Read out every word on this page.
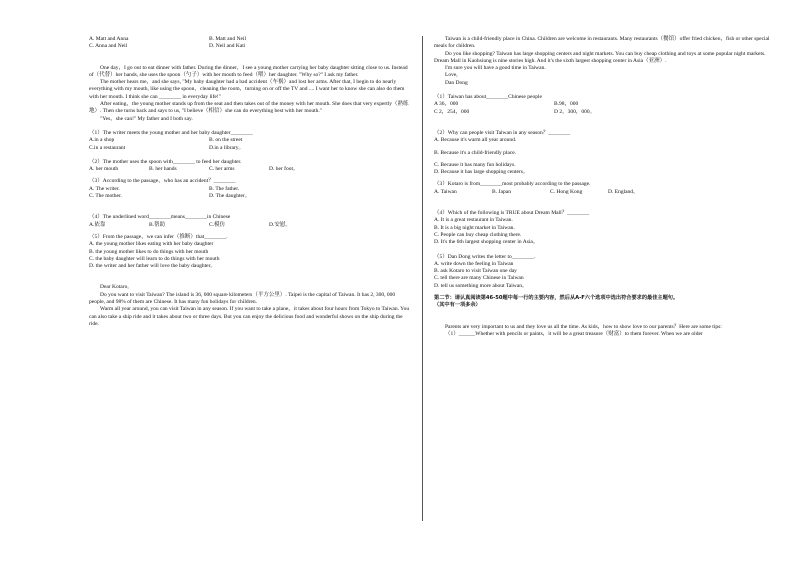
A. Matt and Anna	B. Matt and Neil
C. Anna and Neil	D. Neil and Kati

One day，I go out to eat dinner with father. During the dinner，I see a young mother carrying her baby daughter sitting close to us. Instead of（代替）her hands, she uses the spoon（勺子）with her mouth to feed（喂）her daughter. "Why so?" I ask my father.

The mother hears me，and she says, "My baby daughter had a bad accident（车祸）and lost her arms. After that, I begin to do nearly everything with my mouth, like using the spoon，cleaning the room，turning on or off the TV and .... I want her to know she can also do them with her mouth. I think she can ________ in everyday life!"

After eating，the young mother stands up from the seat and then takes out of the money with her mouth. She does that very expertly（熟练地）. Then she turns back and says to us, "I believe（相信）she can do everything best with her mouth."

"Yes，she can!" My father and I both say.

（1）The writer meets the young mother and her baby daughter________

A.in a shop	B. on the street
C.in a restaurant	D.in a library。

（2）The mother uses the spoon with________ to feed her daughter.

A. her mouth	B. her hands	C. her arms	D. her foot。

（3）According to the passage，who has an accident？________

A. The writer.	B. The father.
C. The mother.	D. The daughter。

（4）The underlined word________means________in Chinese

A.依靠	B.帮助	C.模仿	D.安慰。

（5）From the passage，we can infer（推断）that________.

A. the young mother likes eating with her baby daughter

B. the young mother likes to do things with her mouth

C. the baby daughter will learn to do things with her mouth

D. the writer and her father will love the baby daughter。

Dear Kotaro,

Do you want to visit Taiwan? The island is 36, 000 square kilometers（平方公里）. Taipei is the capital of Taiwan. It has 2, 300, 000 people, and 98% of them are Chinese. It has many fun holidays for children.

Warm all year around, you can visit Taiwan in any season. If you want to take a plane，it takes about four hours from Tokyo to Taiwan. You can also take a ship ride and it takes about two or three days. But you can enjoy the delicious food and wonderful shows on the ship during the ride.

Taiwan is a child-friendly place in China. Children are welcome in restaurants. Many restaurants（餐馆）offer fried chicken，fish or other special meals for children.

Do you like shopping? Taiwan has large shopping centers and night markets. You can buy cheap clothing and toys at some popular night markets. Dream Mall in Kaohsiung is nine stories high. And it's the sixth largest shopping center in Asia（亚洲）.

I'm sure you will have a good time in Taiwan.

Love,

Dan Dong

（1）Taiwan has about________Chinese people

A 36，000	B.98，000
C 2，254，000	D 2，300，000。

（2）Why can people visit Taiwan in any season？________

A. Because it's warm all year around.

B. Because it's a child-friendly place.

C. Because it has many fun holidays.

D. Because it has large shopping centers。

（3）Kotaro is from________most probably according to the passage.

A. Taiwan	B. Japan	C. Hong Kong	D. England。

（4）Which of the following is TRUE about Dream Mall？________

A. It is a great restaurant in Taiwan.

B. It is a big night market in Taiwan.

C. People can buy cheap clothing there.

D. It's the 6th largest shopping center in Asia。

（5）Dan Dong writes the letter to________.

A. write down the feeling in Taiwan

B. ask Kotaro to visit Taiwan one day

C. tell there are many Chinese in Taiwan

D. tell us something more about Taiwan。

第二节：请认真阅读第46-50题中每一行的主要内容，然后从A-F六个选项中选出符合要求的最佳主题句。

（其中有一项多余）

Parents are very important to us and they love us all the time. As kids，how to show love to our parents？Here are some tips:

（1）______Whether with pencils or paints，it will be a great treasure（财富）to them forever. When we are older
